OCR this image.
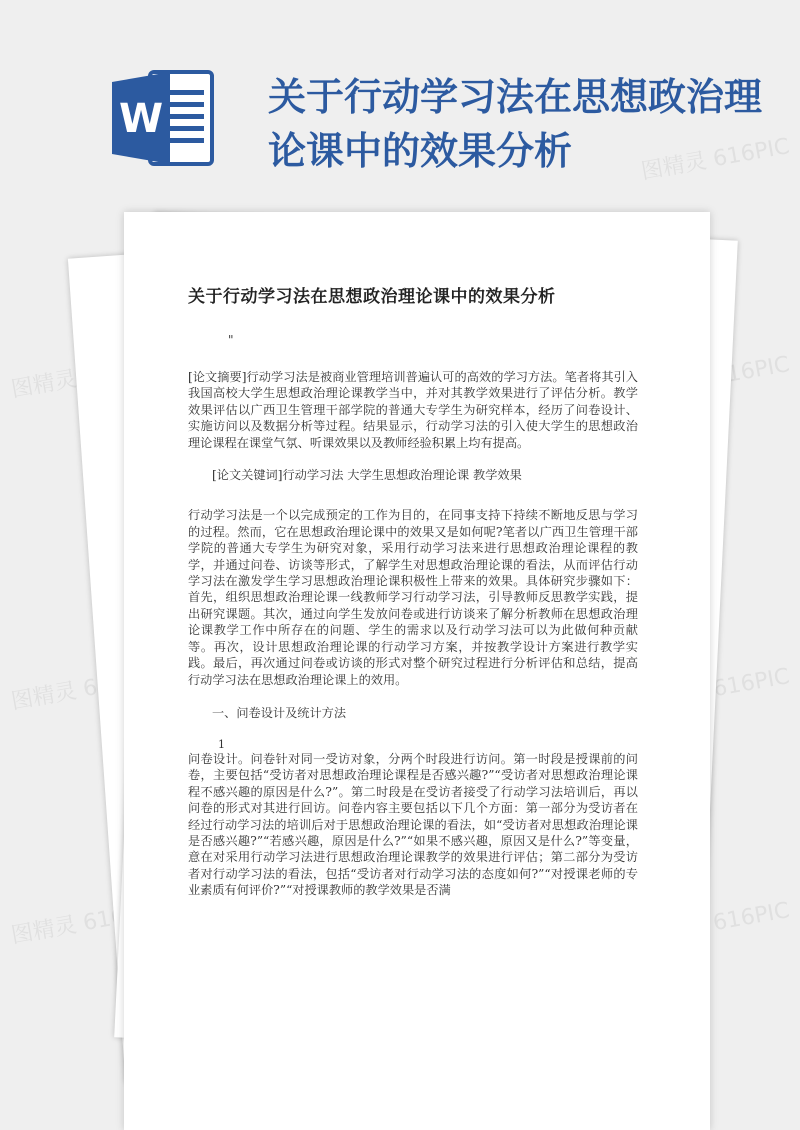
W	关于行动学习法在思想政治理论课中的效果分析	图精灵 616PIC
616PIC
图精灵
616PIC
图精灵 616PIC
图精灵 616PIC
图精灵 616PIC
关于行动学习法在思想政治理论课中的效果分析
"

[论文摘要]行动学习法是被商业管理培训普遍认可的高效的学习方法。笔者将其引入我国高校大学生思想政治理论课教学当中，并对其教学效果进行了评估分析。教学效果评估以广西卫生管理干部学院的普通大专学生为研究样本，经历了问卷设计、实施访问以及数据分析等过程。结果显示，行动学习法的引入使大学生的思想政治理论课程在课堂气氛、听课效果以及教师经验积累上均有提高。

[论文关键词]行动学习法 大学生思想政治理论课 教学效果

行动学习法是一个以完成预定的工作为目的，在同事支持下持续不断地反思与学习的过程。然而，它在思想政治理论课中的效果又是如何呢?笔者以广西卫生管理干部学院的普通大专学生为研究对象，采用行动学习法来进行思想政治理论课程的教学，并通过问卷、访谈等形式，了解学生对思想政治理论课的看法，从而评估行动学习法在激发学生学习思想政治理论课积极性上带来的效果。具体研究步骤如下：首先，组织思想政治理论课一线教师学习行动学习法，引导教师反思教学实践，提出研究课题。其次，通过向学生发放问卷或进行访谈来了解分析教师在思想政治理论课教学工作中所存在的问题、学生的需求以及行动学习法可以为此做何种贡献等。再次，设计思想政治理论课的行动学习方案，并按教学设计方案进行教学实践。最后，再次通过问卷或访谈的形式对整个研究过程进行分析评估和总结，提高行动学习法在思想政治理论课上的效用。

一、问卷设计及统计方法
1

问卷设计。问卷针对同一受访对象，分两个时段进行访问。第一时段是授课前的问卷，主要包括“受访者对思想政治理论课程是否感兴趣?”“受访者对思想政治理论课程不感兴趣的原因是什么?”。第二时段是在受访者接受了行动学习法培训后，再以问卷的形式对其进行回访。问卷内容主要包括以下几个方面：第一部分为受访者在经过行动学习法的培训后对于思想政治理论课的看法，如“受访者对思想政治理论课是否感兴趣?”“若感兴趣，原因是什么?”“如果不感兴趣，原因又是什么?”等变量，意在对采用行动学习法进行思想政治理论课教学的效果进行评估；第二部分为受访者对行动学习法的看法，包括“受访者对行动学习法的态度如何?”“对授课老师的专业素质有何评价?”“对授课教师的教学效果是否满
